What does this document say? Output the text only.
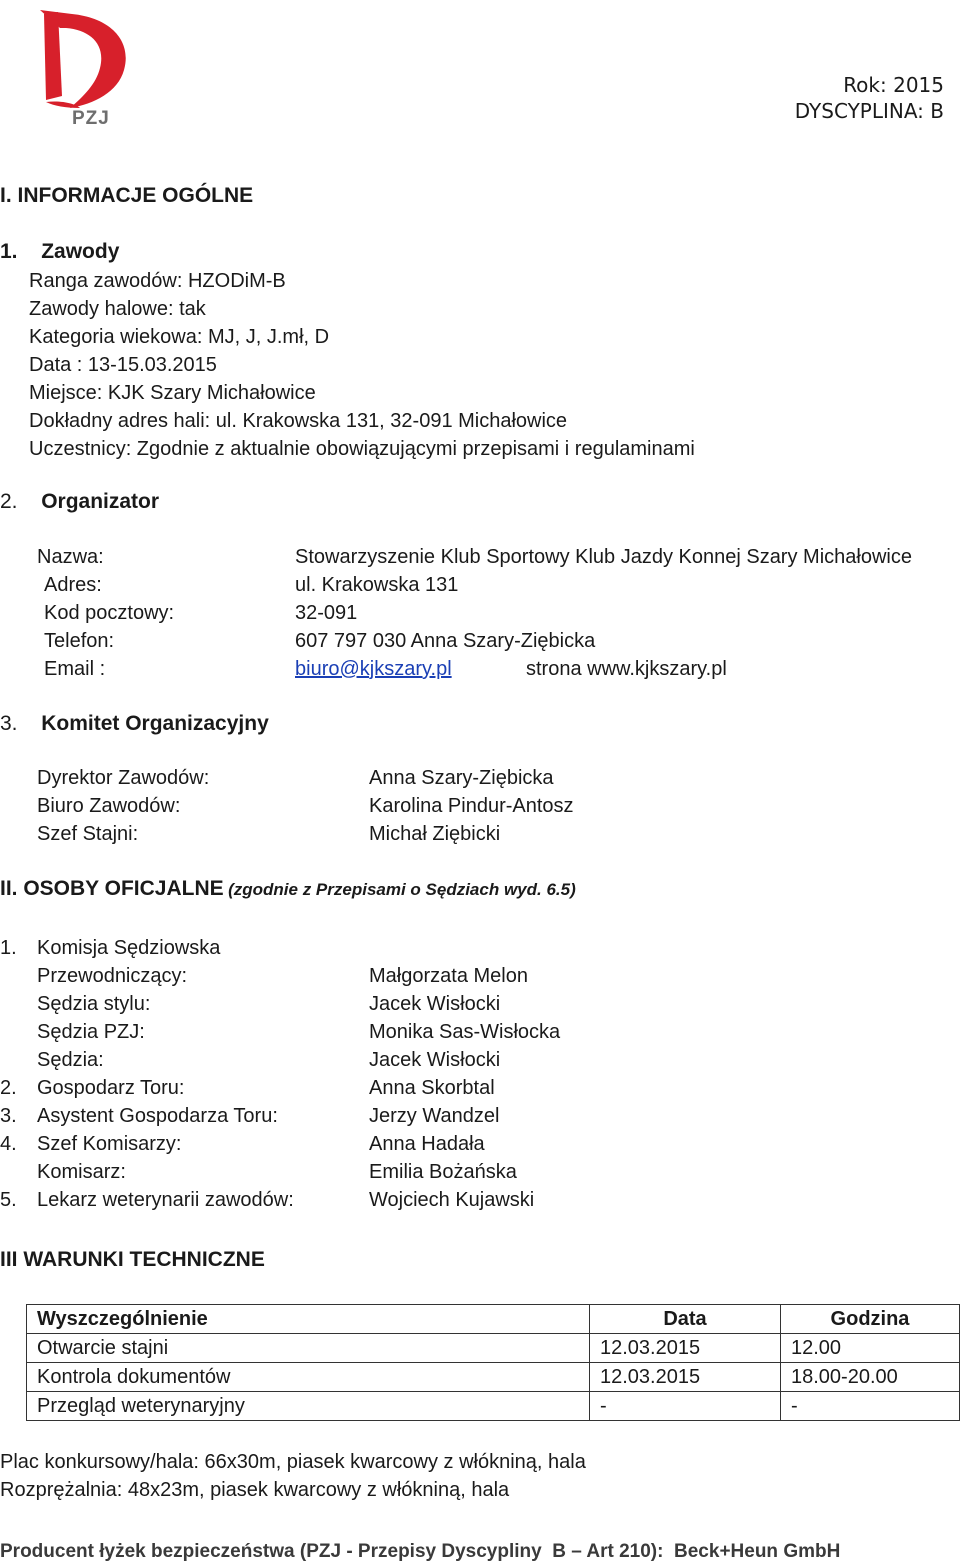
PZJ
Rok: 2015
DYSCYPLINA: B
I. INFORMACJE OGÓLNE
1. Zawody
Ranga zawodów: HZODiM-B
Zawody halowe: tak
Kategoria wiekowa: MJ, J, J.mł, D
Data : 13-15.03.2015
Miejsce: KJK Szary Michałowice
Dokładny adres hali: ul. Krakowska 131, 32-091 Michałowice
Uczestnicy: Zgodnie z aktualnie obowiązującymi przepisami i regulaminami
2. Organizator
Nazwa:	Stowarzyszenie Klub Sportowy Klub Jazdy Konnej Szary Michałowice
Adres:	ul. Krakowska 131
Kod pocztowy:	32-091
Telefon:	607 797 030 Anna Szary-Ziębicka
Email :	biuro@kjkszary.pl	strona www.kjkszary.pl
3. Komitet Organizacyjny
Dyrektor Zawodów:	Anna Szary-Ziębicka
Biuro Zawodów:	Karolina Pindur-Antosz
Szef Stajni:	Michał Ziębicki
II. OSOBY OFICJALNE (zgodnie z Przepisami o Sędziach wyd. 6.5)
1. Komisja Sędziowska
Przewodniczący:	Małgorzata Melon
Sędzia stylu:	Jacek Wisłocki
Sędzia PZJ:	Monika Sas-Wisłocka
Sędzia:	Jacek Wisłocki
2. Gospodarz Toru:	Anna Skorbtal
3. Asystent Gospodarza Toru:	Jerzy Wandzel
4. Szef Komisarzy:	Anna Hadała
Komisarz:	Emilia Bożańska
5. Lekarz weterynarii zawodów:	Wojciech Kujawski
III WARUNKI TECHNICZNE
Wyszczególnienie	Data	Godzina
Otwarcie stajni	12.03.2015	12.00
Kontrola dokumentów	12.03.2015	18.00-20.00
Przegląd weterynaryjny	-	-
Plac konkursowy/hala: 66x30m, piasek kwarcowy z włókniną, hala
Rozprężalnia: 48x23m, piasek kwarcowy z włókniną, hala
Producent łyżek bezpieczeństwa (PZJ - Przepisy Dyscypliny  B – Art 210):  Beck+Heun GmbH
